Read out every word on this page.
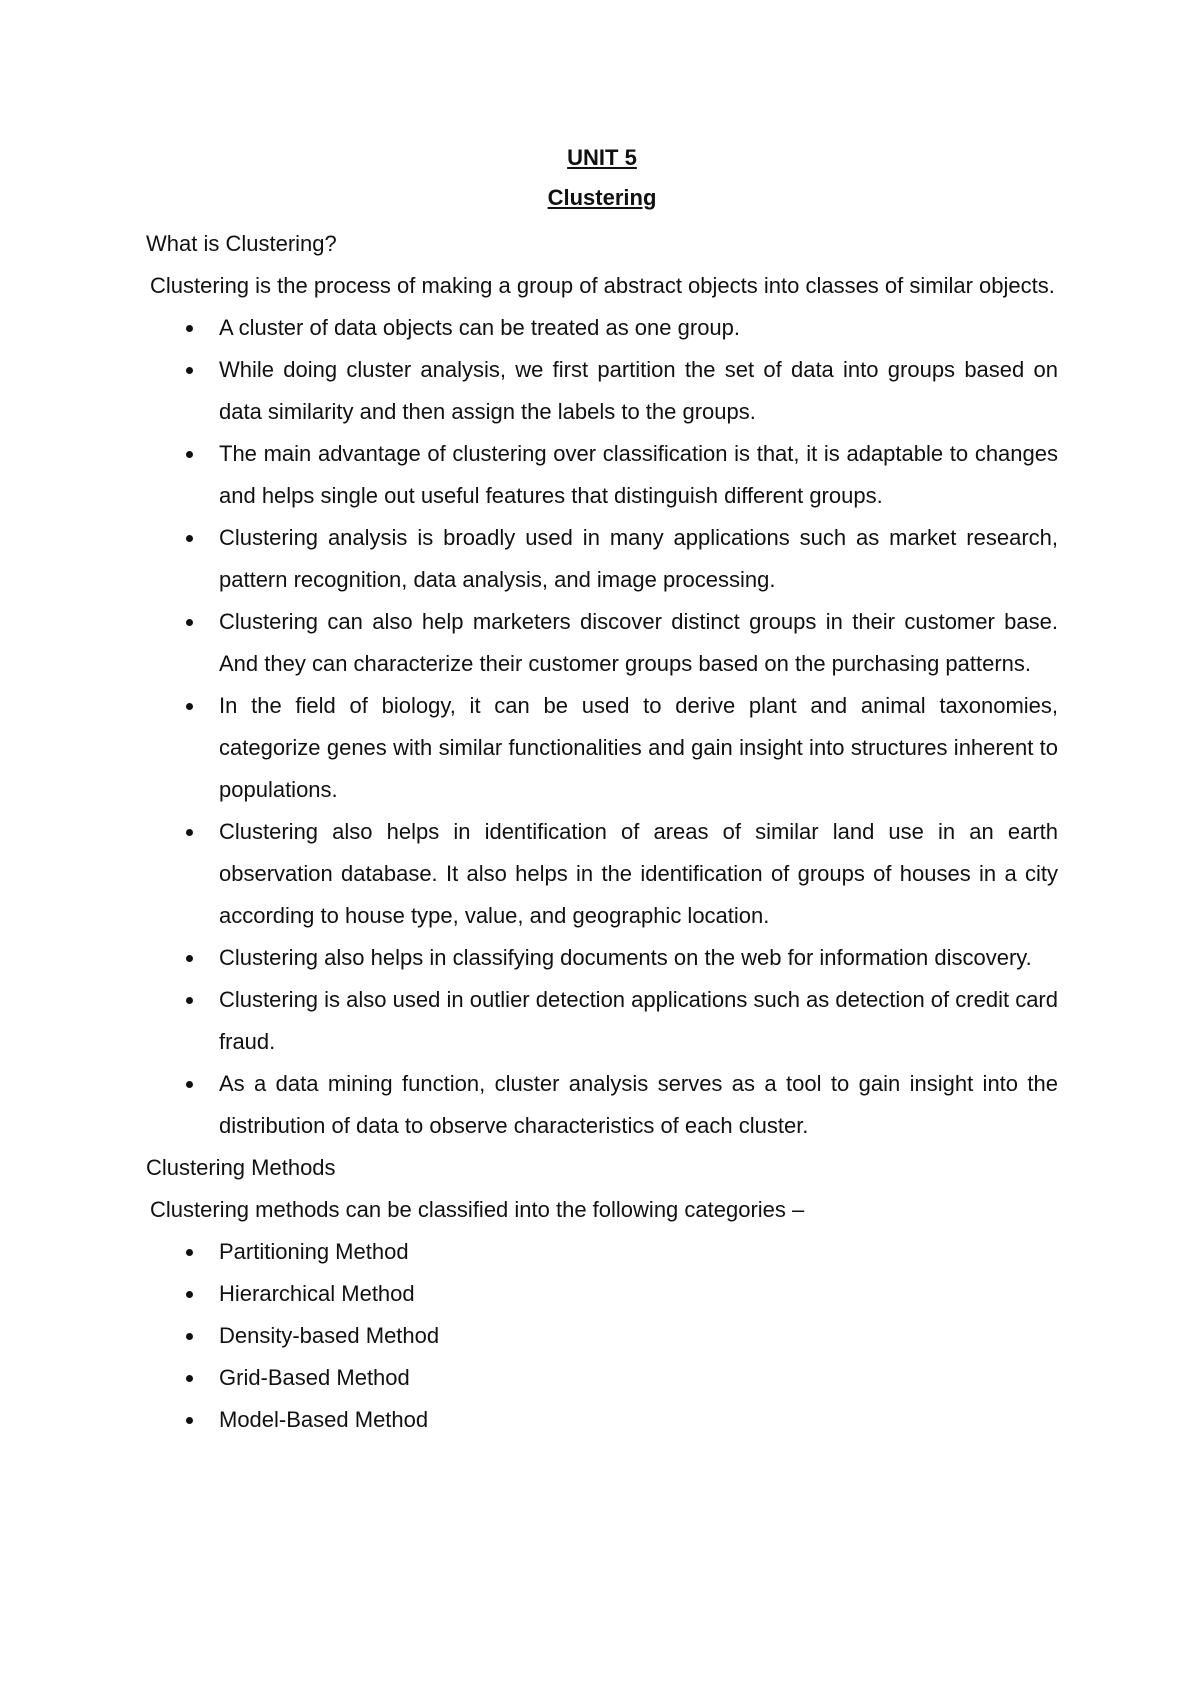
UNIT 5
Clustering

What is Clustering?

Clustering is the process of making a group of abstract objects into classes of similar objects.

A cluster of data objects can be treated as one group.
While doing cluster analysis, we first partition the set of data into groups based on data similarity and then assign the labels to the groups.
The main advantage of clustering over classification is that, it is adaptable to changes and helps single out useful features that distinguish different groups.
Clustering analysis is broadly used in many applications such as market research, pattern recognition, data analysis, and image processing.
Clustering can also help marketers discover distinct groups in their customer base. And they can characterize their customer groups based on the purchasing patterns.
In the field of biology, it can be used to derive plant and animal taxonomies, categorize genes with similar functionalities and gain insight into structures inherent to populations.
Clustering also helps in identification of areas of similar land use in an earth observation database. It also helps in the identification of groups of houses in a city according to house type, value, and geographic location.
Clustering also helps in classifying documents on the web for information discovery.
Clustering is also used in outlier detection applications such as detection of credit card fraud.
As a data mining function, cluster analysis serves as a tool to gain insight into the distribution of data to observe characteristics of each cluster.

Clustering Methods

Clustering methods can be classified into the following categories –

Partitioning Method
Hierarchical Method
Density-based Method
Grid-Based Method
Model-Based Method
